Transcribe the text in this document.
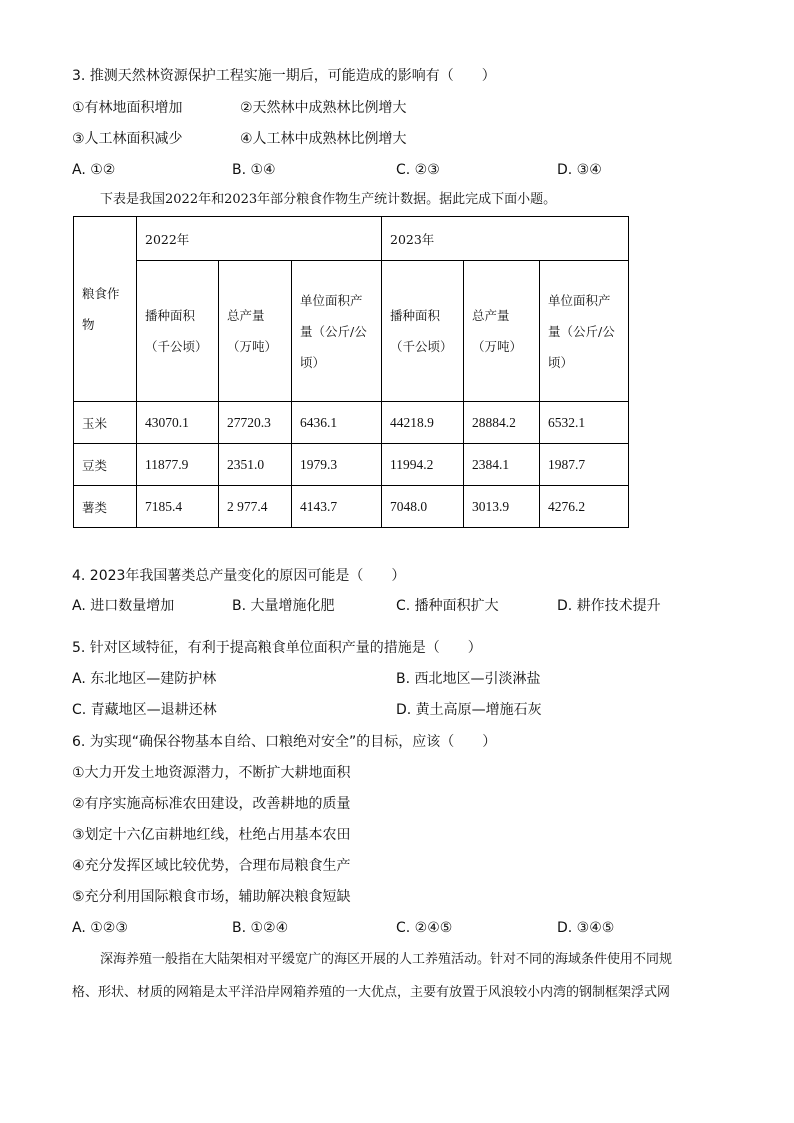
3. 推测天然林资源保护工程实施一期后，可能造成的影响有（　　）
①有林地面积增加	②天然林中成熟林比例增大
③人工林面积减少	④人工林中成熟林比例增大
A. ①②	B. ①④	C. ②③	D. ③④
下表是我国2022年和2023年部分粮食作物生产统计数据。据此完成下面小题。
粮食作物	2022年			2023年		
	播种面积（千公顷）	总产量（万吨）	单位面积产量（公斤/公顷）	播种面积（千公顷）	总产量（万吨）	单位面积产量（公斤/公顷）
玉米	43070.1	27720.3	6436.1	44218.9	28884.2	6532.1
豆类	11877.9	2351.0	1979.3	11994.2	2384.1	1987.7
薯类	7185.4	2 977.4	4143.7	7048.0	3013.9	4276.2
4. 2023年我国薯类总产量变化的原因可能是（　　）
A. 进口数量增加	B. 大量增施化肥	C. 播种面积扩大	D. 耕作技术提升
5. 针对区域特征，有利于提高粮食单位面积产量的措施是（　　）
A. 东北地区—建防护林	B. 西北地区—引淡淋盐
C. 青藏地区—退耕还林	D. 黄土高原—增施石灰
6. 为实现“确保谷物基本自给、口粮绝对安全”的目标，应该（　　）
①大力开发土地资源潜力，不断扩大耕地面积
②有序实施高标准农田建设，改善耕地的质量
③划定十六亿亩耕地红线，杜绝占用基本农田
④充分发挥区域比较优势，合理布局粮食生产
⑤充分利用国际粮食市场，辅助解决粮食短缺
A. ①②③	B. ①②④	C. ②④⑤	D. ③④⑤
深海养殖一般指在大陆架相对平缓宽广的海区开展的人工养殖活动。针对不同的海域条件使用不同规
格、形状、材质的网箱是太平洋沿岸网箱养殖的一大优点，主要有放置于风浪较小内湾的钢制框架浮式网
